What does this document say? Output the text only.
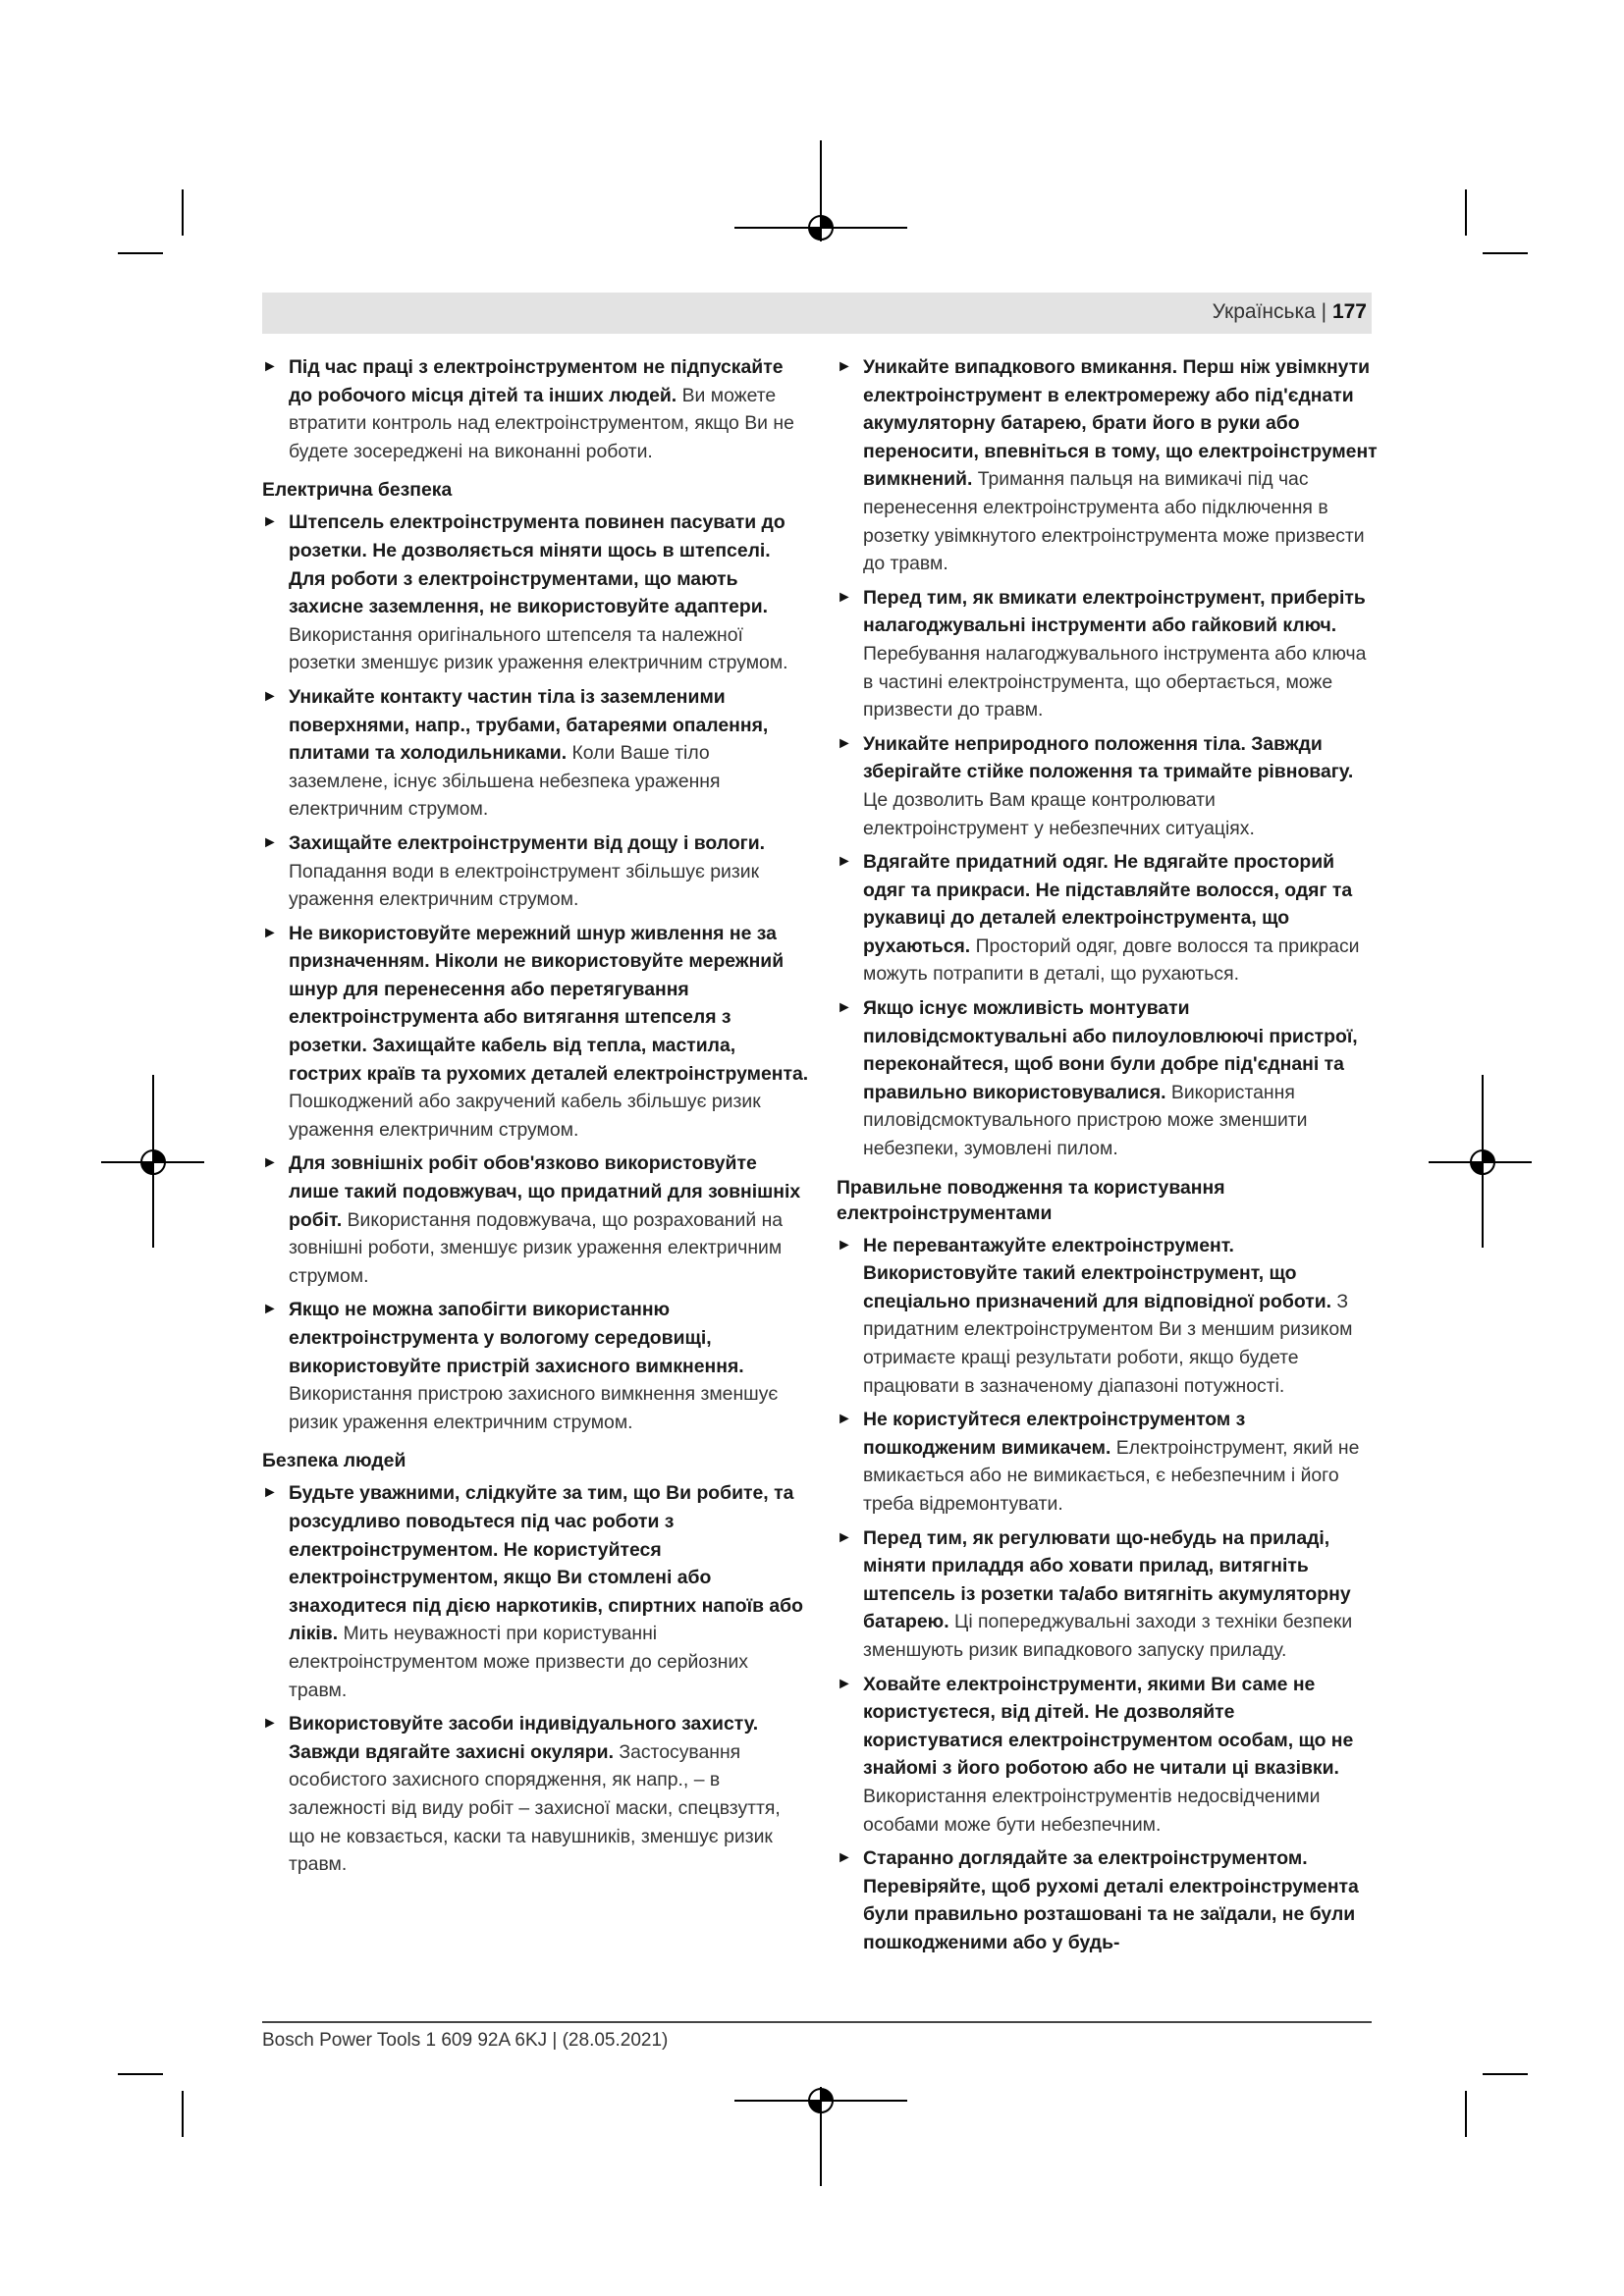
Українська | 177
► Під час праці з електроінструментом не підпускайте до робочого місця дітей та інших людей. Ви можете втратити контроль над електроінструментом, якщо Ви не будете зосереджені на виконанні роботи.
Електрична безпека
► Штепсель електроінструмента повинен пасувати до розетки. Не дозволяється міняти щось в штепселі. Для роботи з електроінструментами, що мають захисне заземлення, не використовуйте адаптери. Використання оригінального штепселя та належної розетки зменшує ризик ураження електричним струмом.
► Уникайте контакту частин тіла із заземленими поверхнями, напр., трубами, батареями опалення, плитами та холодильниками. Коли Ваше тіло заземлене, існує збільшена небезпека ураження електричним струмом.
► Захищайте електроінструменти від дощу і вологи. Попадання води в електроінструмент збільшує ризик ураження електричним струмом.
► Не використовуйте мережний шнур живлення не за призначенням. Ніколи не використовуйте мережний шнур для перенесення або перетягування електроінструмента або витягання штепселя з розетки. Захищайте кабель від тепла, мастила, гострих країв та рухомих деталей електроінструмента. Пошкоджений або закручений кабель збільшує ризик ураження електричним струмом.
► Для зовнішніх робіт обов'язково використовуйте лише такий подовжувач, що придатний для зовнішніх робіт. Використання подовжувача, що розрахований на зовнішні роботи, зменшує ризик ураження електричним струмом.
► Якщо не можна запобігти використанню електроінструмента у вологому середовищі, використовуйте пристрій захисного вимкнення. Використання пристрою захисного вимкнення зменшує ризик ураження електричним струмом.
Безпека людей
► Будьте уважними, слідкуйте за тим, що Ви робите, та розсудливо поводьтеся під час роботи з електроінструментом. Не користуйтеся електроінструментом, якщо Ви стомлені або знаходитеся під дією наркотиків, спиртних напоїв або ліків. Мить неуважності при користуванні електроінструментом може призвести до серйозних травм.
► Використовуйте засоби індивідуального захисту. Завжди вдягайте захисні окуляри. Застосування особистого захисного спорядження, як напр., – в залежності від виду робіт – захисної маски, спецвзуття, що не ковзається, каски та навушників, зменшує ризик травм.
► Уникайте випадкового вмикання. Перш ніж увімкнути електроінструмент в електромережу або під'єднати акумуляторну батарею, брати його в руки або переносити, впевніться в тому, що електроінструмент вимкнений. Тримання пальця на вимикачі під час перенесення електроінструмента або підключення в розетку увімкнутого електроінструмента може призвести до травм.
► Перед тим, як вмикати електроінструмент, приберіть налагоджувальні інструменти або гайковий ключ. Перебування налагоджувального інструмента або ключа в частині електроінструмента, що обертається, може призвести до травм.
► Уникайте неприродного положення тіла. Завжди зберігайте стійке положення та тримайте рівновагу. Це дозволить Вам краще контролювати електроінструмент у небезпечних ситуаціях.
► Вдягайте придатний одяг. Не вдягайте просторий одяг та прикраси. Не підставляйте волосся, одяг та рукавиці до деталей електроінструмента, що рухаються. Просторий одяг, довге волосся та прикраси можуть потрапити в деталі, що рухаються.
► Якщо існує можливість монтувати пиловідсмоктувальні або пилоуловлюючі пристрої, переконайтеся, щоб вони були добре під'єднані та правильно використовувалися. Використання пиловідсмоктувального пристрою може зменшити небезпеки, зумовлені пилом.
Правильне поводження та користування електроінструментами
► Не перевантажуйте електроінструмент. Використовуйте такий електроінструмент, що спеціально призначений для відповідної роботи. З придатним електроінструментом Ви з меншим ризиком отримаєте кращі результати роботи, якщо будете працювати в зазначеному діапазоні потужності.
► Не користуйтеся електроінструментом з пошкодженим вимикачем. Електроінструмент, який не вмикається або не вимикається, є небезпечним і його треба відремонтувати.
► Перед тим, як регулювати що-небудь на приладі, міняти приладдя або ховати прилад, витягніть штепсель із розетки та/або витягніть акумуляторну батарею. Ці попереджувальні заходи з техніки безпеки зменшують ризик випадкового запуску приладу.
► Ховайте електроінструменти, якими Ви саме не користуєтеся, від дітей. Не дозволяйте користуватися електроінструментом особам, що не знайомі з його роботою або не читали ці вказівки. Використання електроінструментів недосвідченими особами може бути небезпечним.
► Старанно доглядайте за електроінструментом. Перевіряйте, щоб рухомі деталі електроінструмента були правильно розташовані та не заїдали, не були пошкодженими або у будь-
Bosch Power Tools 1 609 92A 6KJ | (28.05.2021)
